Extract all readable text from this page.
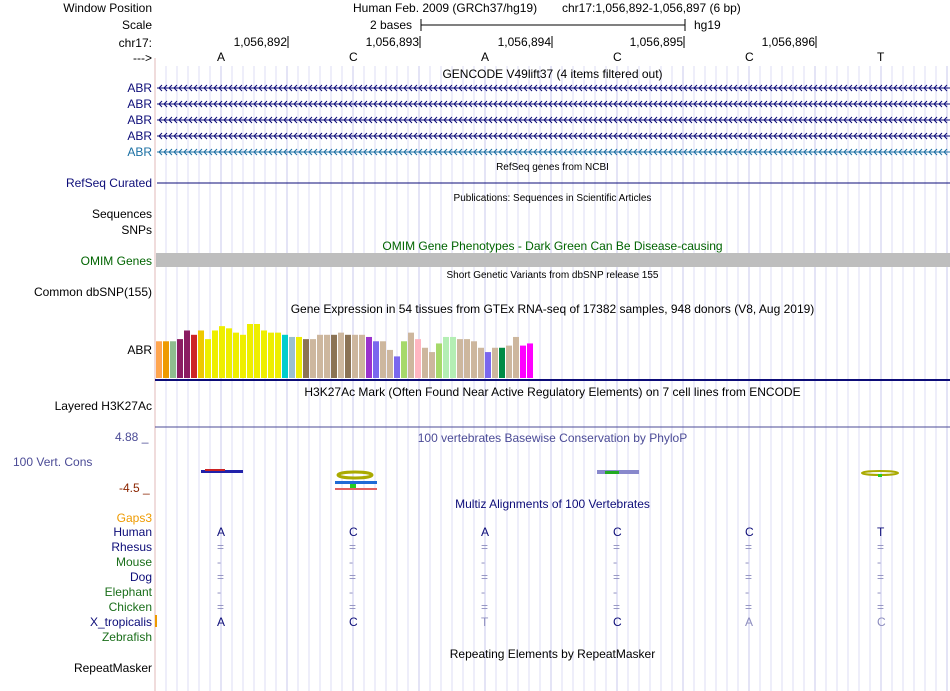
Window Position	Human Feb. 2009 (GRCh37/hg19) chr17:1,056,892-1,056,897 (6 bp)
Scale	2 bases	hg19
chr17:
--->
GENCODE V49lift37 (4 items filtered out)
RefSeq genes from NCBI
RefSeq Curated
Publications: Sequences in Scientific Articles
Sequences
SNPs
OMIM Gene Phenotypes - Dark Green Can Be Disease-causing
OMIM Genes
Short Genetic Variants from dbSNP release 155
Common dbSNP(155)
Gene Expression in 54 tissues from GTEx RNA-seq of 17382 samples, 948 donors (V8, Aug 2019)
ABR
H3K27Ac Mark (Often Found Near Active Regulatory Elements) on 7 cell lines from ENCODE
Layered H3K27Ac
100 vertebrates Basewise Conservation by PhyloP
4.88 _
100 Vert. Cons
-4.5 _
Multiz Alignments of 100 Vertebrates
Gaps3
Repeating Elements by RepeatMasker
RepeatMasker
1,056,892	1,056,893	1,056,894	1,056,895	1,056,896
A	C	A	C	C	T
ABR
ABR
ABR
ABR
ABR
Human	A	C	A	C	C	T
Rhesus	=	=	=	=	=	=
Mouse	-	-	-	-	-	-
Dog	=	=	=	=	=	=
Elephant	-	-	-	-	-	-
Chicken	=	=	=	=	=	=
X_tropicalis	A	C	T	C	A	C
Zebrafish
